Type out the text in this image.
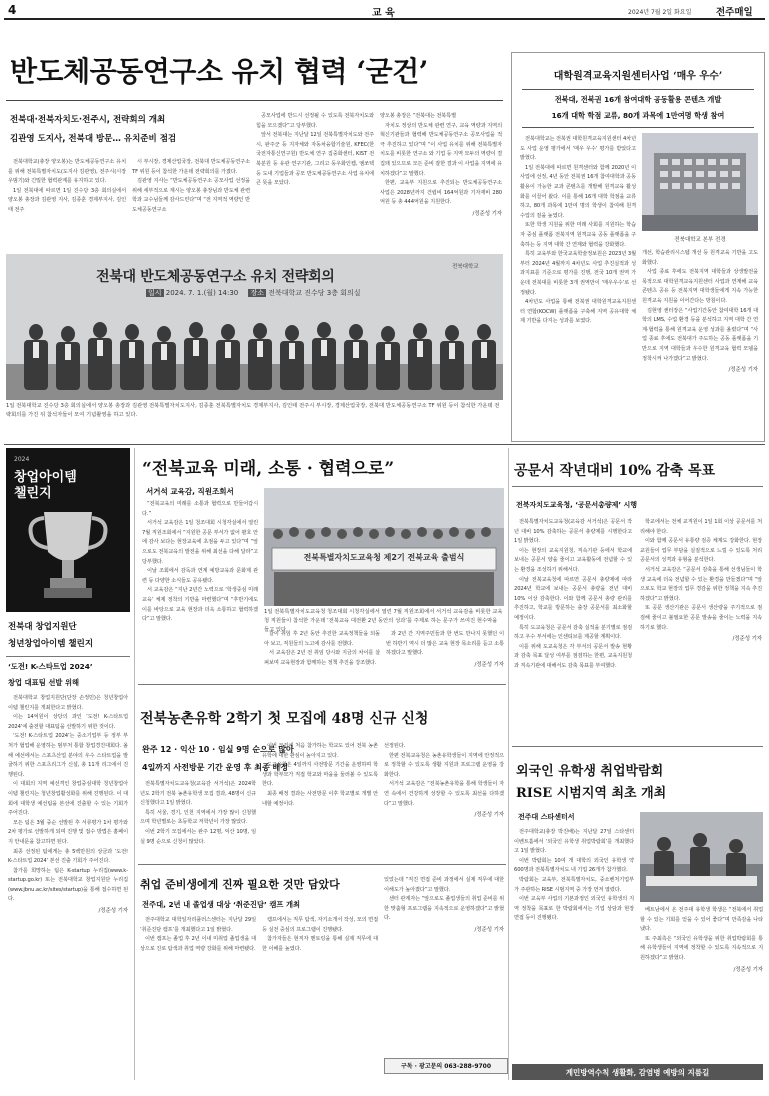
4	교 육	2024년 7월 2일 화요일	전주매일
반도체공동연구소 유치 협력 ‘굳건’
전북대·전북자치도·전주시, 전략회의 개최
김관영 도지사, 전북대 방문… 유치준비 점검

전북대학교(총장 양오봉)는 반도체공동연구소 유치를 위해 전북특별자치도(도지사 김관영), 전주시(시장 우범기)와 긴밀한 협력관계를 유지하고 있다.

1일 전북대에 따르면 1일 진수당 3층 회의실에서 양오봉 총장과 김관영 지사, 김종훈 경제부지사, 김인태 전주

시 부시장, 경제산업국장, 전북대 반도체공동연구소 TF 위원 등이 참석한 가운데 전략회의를 가졌다.

김관영 지사는 “반도체공동연구소 공모사업 선정을 위해 세부적으로 계시는 양오봉 총장님과 반도체 관련 학과 교수님들께 감사드린다”며 “전 지역적 역량인 반도체공동연구소

공모사업에 반드시 선정될 수 있도록 전북자치도와 힘을 모으겠다”고 당부했다.

앞서 전북대는 지난달 12일 전북특별자치도와 전주시, 완주군 등 지자체와 자동차융합기술원, KFEC(한국전자통신연구원) 반도체 연구 집중화센터, KIST 전북분원 등 유관 연구기관, 그리고 동우화인켐, 엠쏘텍 등 도내 기업들과 공모 반도체공동연구소 사업 유치에 큰 뜻을 모았다.

양오봉 총장은 “전북대는 전북특별

자치도 정상의 반도체 관련 연구, 교육 역량과 지역의 혁신기관들과 협력해 반도체공동연구소 공모사업을 적극 추진하고 있다”며 “이 사업 유치를 위해 전북특별자치도를 비롯한 연구소 와 기업 등 지역 모두의 역량이 결집돼 있으므로 모든 준비 잘한 결과 이 사업을 지역에 유치하겠다”고 말했다.

한편, 교육부 지원으로 추진되는 반도체공동연구소 사업은 2028년까지 건립비 164억원과 기자재비 280억원 등 총 444억원을 지원한다.

/정준성 기자
전북대학교
전북대 반도체공동연구소 유치 전략회의
일시 2024. 7. 1.(월) 14:30 장소 전북대학교 진수당 3층 회의실
1일 전북대학교 진수당 3층 회의실에서 양오봉 총장과 김관영 전북특별자치도지사, 김종훈 전북특별자치도 경제부지사, 김인태 전주시 부시장, 경제산업국장, 전북대 반도체공동연구소 TF 위원 등이 참석한 가운데 전략회의를 가진 뒤 참석자들이 모여 기념촬영을 하고 있다.
대학원격교육지원센터사업 ‘매우 우수’
전북대, 전북권 16개 참여대학 공동활용 콘텐츠 개발
16개 대학 학점 교류, 80개 과목에 1만여명 학생 참여

전북대학교는 전북권 대학원격교육지원센터 4차년도 사업 운영 평가에서 ‘매우 우수’ 평가를 받았다고 밝혔다.

1일 전북대에 따르면 원격센터와 함께 2020년 이 사업에 선정, 4년 동안 전북권 16개 참여대학과 공동 활용이 가능한 교과 콘텐츠를 개발해 원격교육 활성화를 이끌어 왔다. 이를 통해 16개 대학 학점을 교류하고, 80개 과목에 1만여 명의 학생이 참여해 원격 수업의 질을 높였다.

또한 학생 지원을 위한 미래 사회를 지원하는 학습자 중심 플랫폼 전북지역 원격교육 공동 플랫폼을 구축하는 등 지역 대학 간 연계와 협력을 강화했다.

특히 교육부와 한국교육학술정보원은 2023년 3월부터 2024년 4월까지 4차년도 사업 추진실적과 성과지표를 기준으로 평가를 진행, 전국 10개 권역 가운데 전북대를 비롯한 3개 권역만이 ‘매우우수’로 선정됐다.

4차년도 사업을 통해 전북권 대학원격교육지원센터 연합(KOCW) 플랫폼을 구축해 지역 공유대학 체제 기반을 다지는 성과를 보였다.

전북대학교 본부 전경

개선, 학습관리시스템 개선 등 원격교육 기반을 고도화했다.

사업 종료 후에도 전북지역 대학들과 상생발전을 목적으로 대학원격교육지원센터 사업과 연계해 교육콘텐츠 공유 등 전북지역 대학생들에게 지속 가능한 원격교육 지원을 이어간다는 방침이다.

김현영 센터장은 “사업기간동안 참여대학 16개 대학의 LMS, 수업 환경 등을 분석하고 지역 대학 간 연계·협력을 통해 원격교육 운영 성과를 올렸다”며 “사업 종료 후에도 전북대가 주도하는 공동 플랫폼을 기반으로 지역 대학들과 우수한 원격교육 협력 모델을 정착시켜 나가겠다”고 밝혔다.

/정준성 기자
2024
창업아이템
챌린지
전북대 창업지원단
청년창업아이템 챌린지
‘도전! K-스타트업 2024’
창업 대표팀 선발 위해

전북대학교 창업지원단(단장 손정민)은 청년창업아이템 챌린지를 개최한다고 밝혔다.

이는 14억원이 상당의 과인 ‘도전! K-스타트업 2024’에 출전할 대표팀을 선발하기 위한 것이다.

‘도전! K-스타트업 2024’는 중소기업부 등 정부 부처가 협업해 운영하는 범부처 통합 창업경진대회다. 올해 예선에서는 스포츠산업 분야의 우수 스타트업을 발굴하기 위한 스포츠리그가 신설, 총 11개 리그에서 진행된다.

이 대회의 지역 예선격인 창업중심대학 청년창업아이템 챌린지는 청년창업활성화를 위해 진행된다. 이 대회에 대학생 예선팀을 본선에 진출할 수 있는 기회가 주어진다.

모든 팀은 3월 중순 선발된 후 서류평가 1차 평가와 2차 평가로 선발하게 되며 진행 및 접수 방법은 홈페이지 안내문을 참고하면 된다.

최종 선정된 팀에게는 총 5백만원의 상금과 ‘도전! K-스타트업 2024’ 본선 진출 기회가 주어진다.

참가를 희망하는 팀은 K-startup 누리집(www.k-startup.go.kr) 또는 전북대학교 창업지원단 누리집(www.jbnu.ac.kr/sites/startup)을 통해 접수하면 된다.

/정준성 기자
“전북교육 미래, 소통 · 협력으로”
서거석 교육감, 직원조회서

“전북교육의 미래를 소통과 협력으로 만들어갑시다.”

서거석 교육감은 1일 청조대회 시청각실에서 열린 7월 직원조회에서 “지원한 공문 부서가 없어 괄호 안에 감사 보다는 현장교육에 초점을 두고 있다”며 “앞으로도 전북교육의 발전을 위해 최선을 다해 달라”고 당부했다.

이날 조회에서 감독과 연계 예방교육과 문화제 관련 등 다양한 소식들도 공유됐다.

서 교육감은 “지난 2년간 노력으로 ‘학생중심 미래교육’ 체제 정착의 기반을 마련했다”며 “후반기에도 이를 바탕으로 교육 현장과 더욱 소통하고 협력하겠다”고 말했다.

전북특별자치도교육청 제2기 전북교육 출범식
1일 전북특별자치도교육청 청조대회 시청각실에서 열린 7월 직원조회에서 서거석 교육감을 비롯한 교육청 직원들이 참석한 가운데 ‘전북교육 대전환 2년 동안의 성과’를 주제로 하는 문구가 쓰여진 현수막을 들고 있다.

갈이 취임 후 2년 동안 추진한 교육정책들을 되돌아 보고, 직원들의 노고에 감사를 전했다.

서 교육감은 2년 전 취임 당시와 지금의 차이를 살펴보며 교육현장과 함께하는 정책 추진을 강조했다.

과 2년 간 지역주민들과 한 번도 만나지 못했던 이번 하반기 역시 더 많은 교육 현장 목소리를 듣고 소통하겠다고 말했다.

/정준성 기자
공문서 작년대비 10% 감축 목표
전북자치도교육청, ‘공문서총량제’ 시행

전북특별자치도교육청(교육감 서거석)은 공문서 작년 대비 10% 감축하는 공문서 총량제를 시행한다고 1일 밝혔다.

이는 현장의 교육지원청, 직속기관 등에서 학교에 보내는 공문서 양을 줄이고 교육활동에 전념할 수 있는 환경을 조성하기 위해서다.

이날 전북교육청에 따르면 공문서 총량제에 따라 2024년 학교에 보내는 공문서 총량을 전년 대비 10% 이상 감축한다. 이와 함께 공문서 총량 관리를 추진하고, 학교를 방문하는 출장 공문서를 최소화할 예정이다.

특히 도교육청은 공문서 감축 실적을 분기별로 점검하고 우수 부서에는 인센티브를 제공할 계획이다.

이를 위해 도교육청은 각 부서의 공문서 발송 현황과 감축 목표 달성 여부를 점검하는 한편, 교육지원청과 직속기관에 대해서도 감축 목표를 부여했다.

학교에서는 전체 교직원이 1일 1회 이상 공문서를 처리해야 한다.

이와 함께 공문서 유통량 검증 체계도 강화한다. 현장 교원들이 업무 부담을 실질적으로 느낄 수 있도록 처리 공문서의 성격과 유형을 분석한다.

서거석 교육감은 “공문서 감축을 통해 선생님들이 학생 교육에 더욱 전념할 수 있는 환경을 만들겠다”며 “앞으로도 학교 현장의 업무 경감을 위한 정책을 지속 추진하겠다”고 밝혔다.

또 공문 생산기관은 공문서 생산량을 주기적으로 점검해 줄이고 불필요한 공문 발송을 줄이는 노력을 지속하기로 했다.

/정준성 기자
외국인 유학생 취업박람회
RISE 시범지역 최초 개최
전주대 스타센터서

전주대학교(총장 박진배)는 지난달 27일 스타센터 이벤트홀에서 ‘외국인 유학생 취업박람회’를 개최했다고 1일 밝혔다.

이번 박람회는 10여 개 대학의 외국인 유학생 약 600명과 전북특별자치도 내 기업 26개가 참가했다.

박람회는 교육부, 전북특별자치도, 중소벤처기업부가 주관하는 RISE 시범지역 중 가장 먼저 열렸다.

이번 교육부 사업의 기본과정인 외국인 유학생의 지역 정착을 목표로 한 박람회에서는 기업 상담과 현장 면접 등이 진행됐다.

베트남에서 온 전주대 유학생 학생은 “전북에서 취업할 수 있는 기회를 얻을 수 있어 좋다”며 만족감을 나타냈다.

또 주최측은 “외국인 유학생을 위한 취업박람회를 통해 유학생들이 지역에 정착할 수 있도록 지속적으로 지원하겠다”고 밝혔다.

/정준성 기자
전북농촌유학 2학기 첫 모집에 48명 신규 신청
완주 12 · 익산 10 · 임실 9명 순으로 많아
4일까지 사전방문 기간 운영 후 최종 배정

전북특별자치도교육청(교육감 서거석)은 2024학년도 2학기 전북 농촌유학생 모집 결과, 48명이 신규 신청했다고 1일 밝혔다.

특히 서울, 경기, 인천 지역에서 가장 많이 신청했으며 학년별로는 초등학교 저학년이 가장 많았다.

이번 2학기 모집에서는 완주 12명, 익산 10명, 임실 9명 순으로 신청이 많았다.

이번 모집에 처음 참가하는 학교도 있어 전북 농촌유학에 대한 관심이 높아지고 있다.

도교육청은 4일까지 사전방문 기간을 운영하며 학생과 학부모가 직접 학교와 마을을 둘러볼 수 있도록 한다.

최종 배정 결과는 사전방문 이후 학교별로 개별 안내할 예정이다.

선정된다.

한편 전북교육청은 농촌유학생들이 지역에 안정적으로 정착할 수 있도록 생활 지원과 프로그램 운영을 강화한다.

서거석 교육감은 “전북농촌유학을 통해 학생들이 자연 속에서 건강하게 성장할 수 있도록 최선을 다하겠다”고 말했다.

/정준성 기자
취업 준비생에게 진짜 필요한 것만 담았다
전주대, 2년 내 졸업생 대상 ‘취준진담’ 캠프 개최

전주대학교 대학일자리플러스센터는 지난달 29일 ‘취준진담 캠프’를 개최했다고 1일 밝혔다.

이번 캠프는 졸업 후 2년 이내 미취업 졸업생을 대상으로 진로 탐색과 취업 역량 강화를 위해 마련됐다.

캠프에서는 직무 탐색, 자기소개서 작성, 모의 면접 등 실전 중심의 프로그램이 진행됐다.

참가자들은 현직자 멘토링을 통해 실제 직무에 대한 이해를 높였다.

있었는데 “직진 면접 준비 과정에서 실제 직무에 대한 이해도가 높아졌다”고 말했다.

센터 관계자는 “앞으로도 졸업생들의 취업 준비를 위한 맞춤형 프로그램을 지속적으로 운영하겠다”고 밝혔다.

/정준성 기자
구독 · 광고문의 063-288-9700
계민방역수칙 생활화, 감염병 예방의 지름길
